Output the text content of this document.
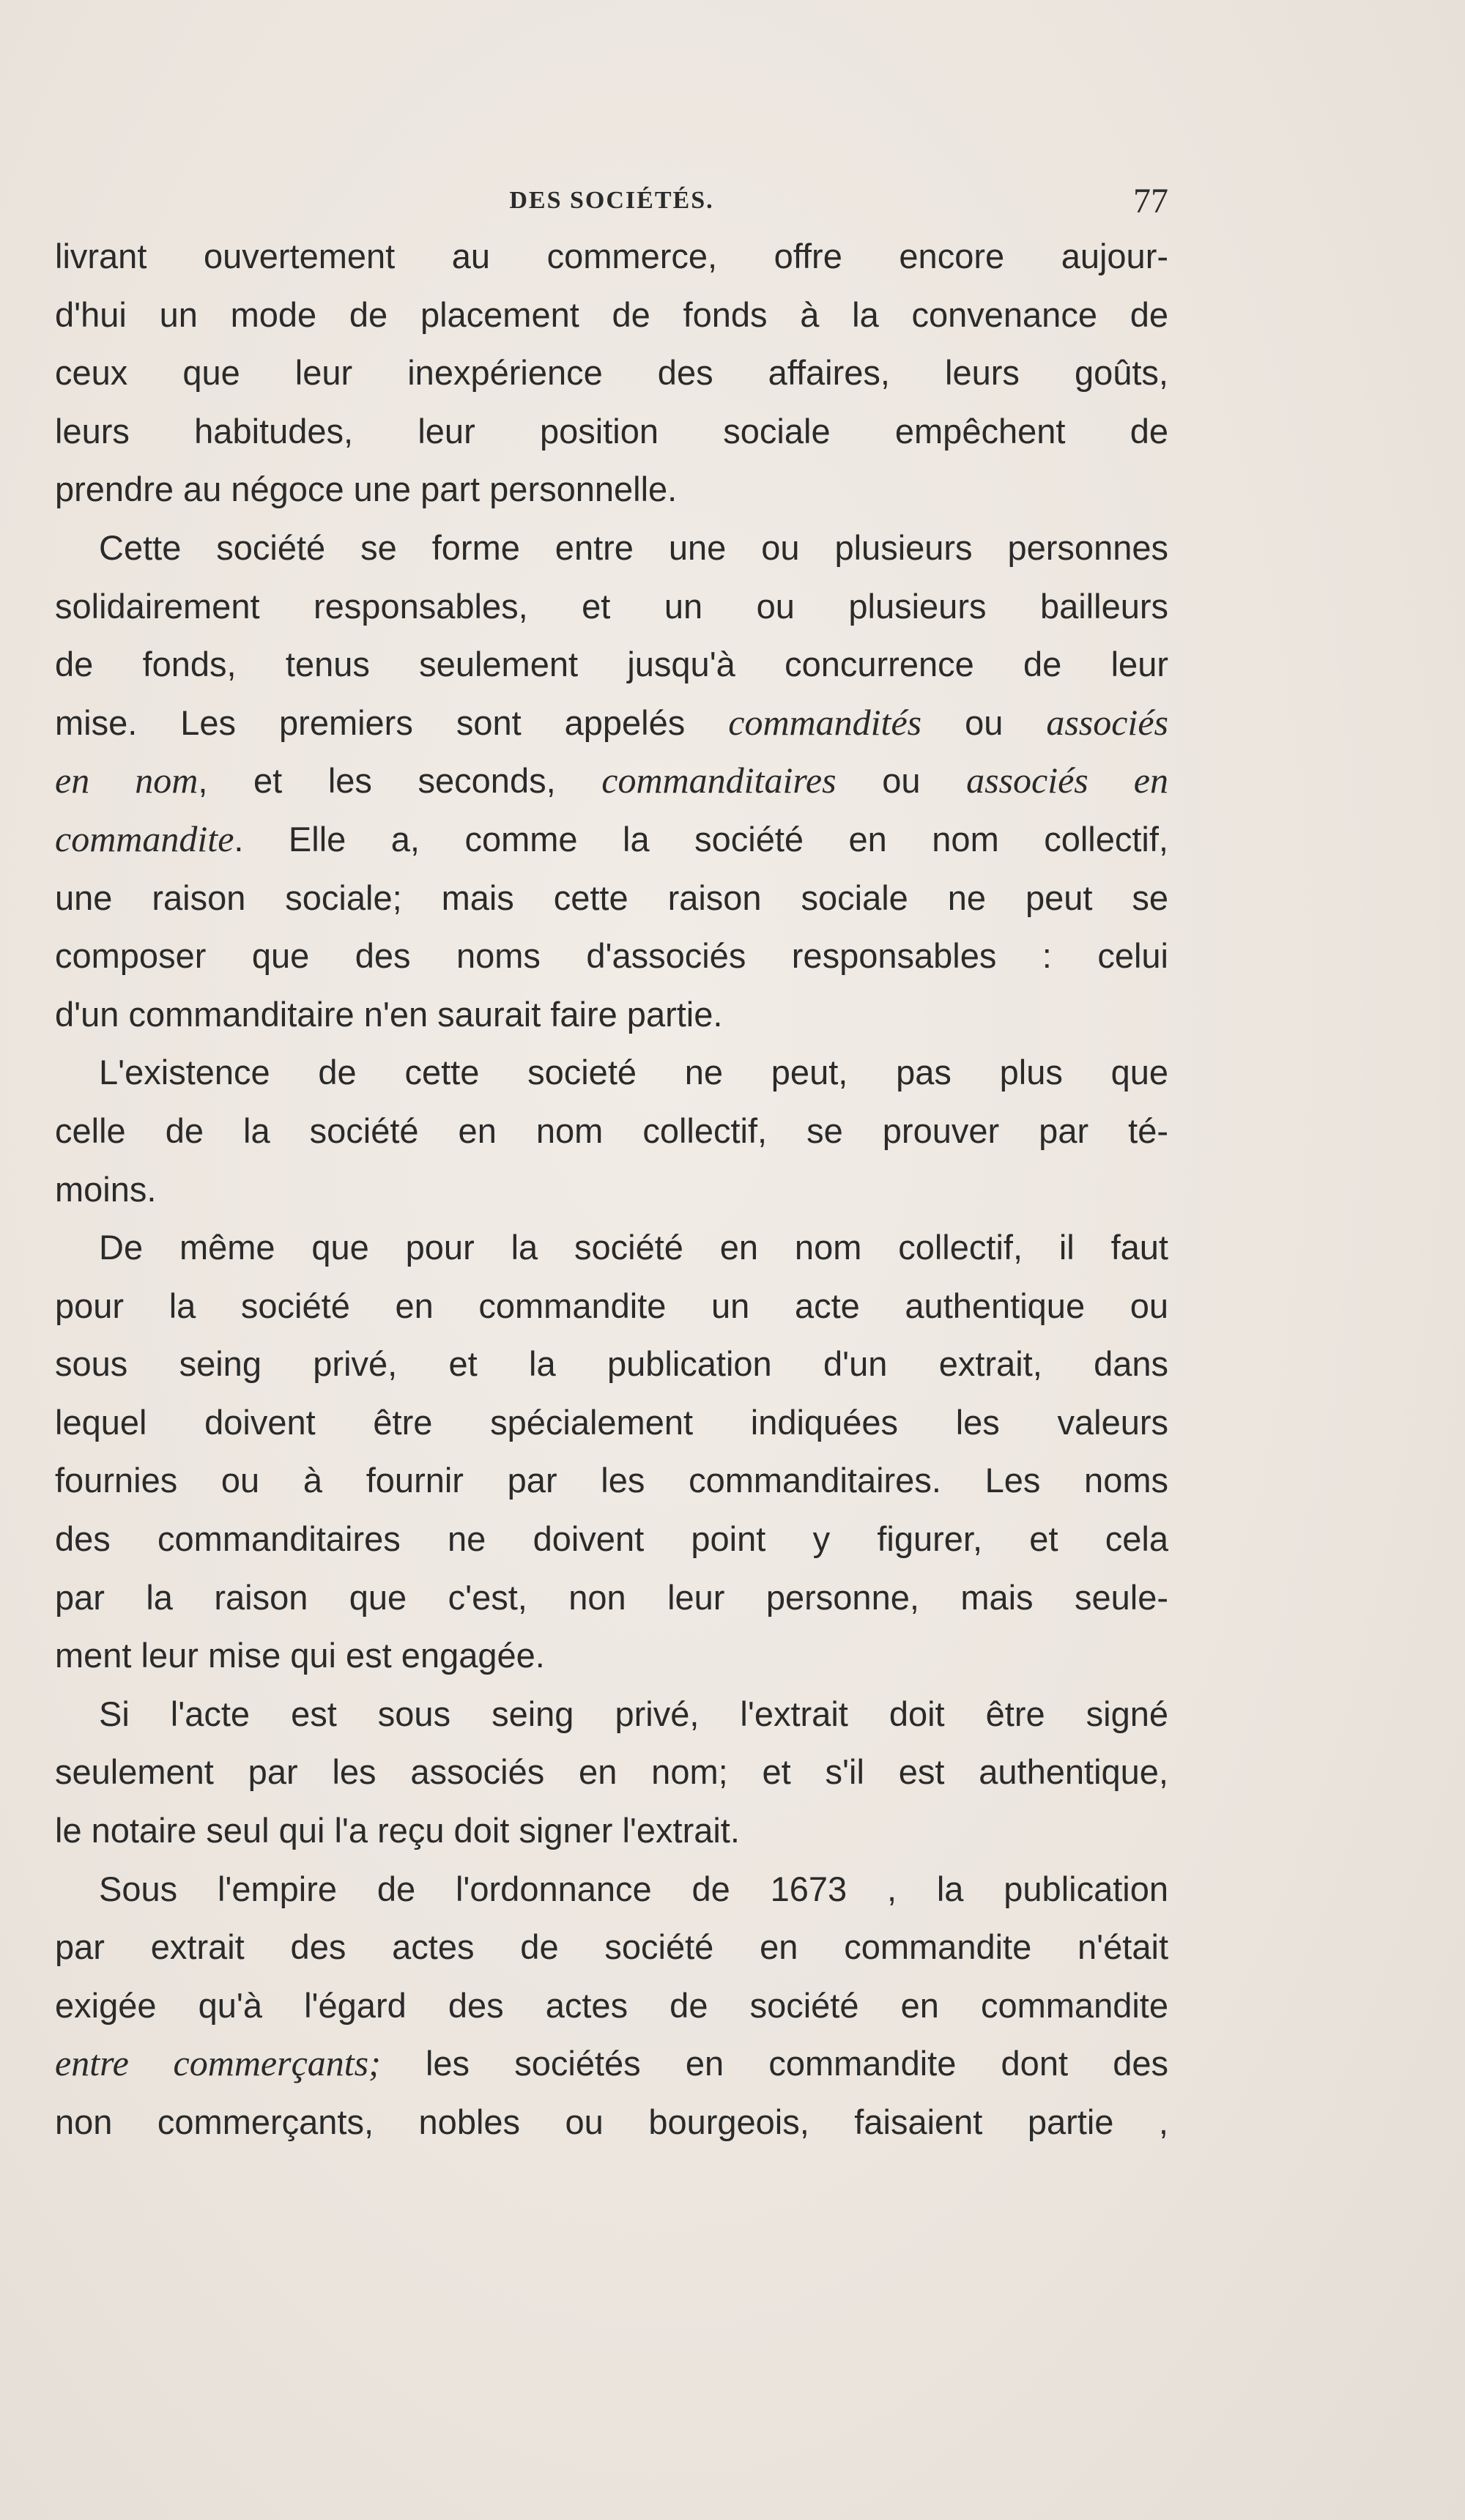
DES SOCIÉTÉS.	77
livrant ouvertement au commerce, offre encore aujour-
d'hui un mode de placement de fonds à la convenance de
ceux que leur inexpérience des affaires, leurs goûts,
leurs habitudes, leur position sociale empêchent de
prendre au négoce une part personnelle.
Cette société se forme entre une ou plusieurs personnes
solidairement responsables, et un ou plusieurs bailleurs
de fonds, tenus seulement jusqu'à concurrence de leur
mise. Les premiers sont appelés commandités ou associés
en nom, et les seconds, commanditaires ou associés en
commandite. Elle a, comme la société en nom collectif,
une raison sociale; mais cette raison sociale ne peut se
composer que des noms d'associés responsables : celui
d'un commanditaire n'en saurait faire partie.
L'existence de cette societé ne peut, pas plus que
celle de la société en nom collectif, se prouver par té-
moins.
De même que pour la société en nom collectif, il faut
pour la société en commandite un acte authentique ou
sous seing privé, et la publication d'un extrait, dans
lequel doivent être spécialement indiquées les valeurs
fournies ou à fournir par les commanditaires. Les noms
des commanditaires ne doivent point y figurer, et cela
par la raison que c'est, non leur personne, mais seule-
ment leur mise qui est engagée.
Si l'acte est sous seing privé, l'extrait doit être signé
seulement par les associés en nom; et s'il est authentique,
le notaire seul qui l'a reçu doit signer l'extrait.
Sous l'empire de l'ordonnance de 1673 , la publication
par extrait des actes de société en commandite n'était
exigée qu'à l'égard des actes de société en commandite
entre commerçants; les sociétés en commandite dont des
non commerçants, nobles ou bourgeois, faisaient partie ,
